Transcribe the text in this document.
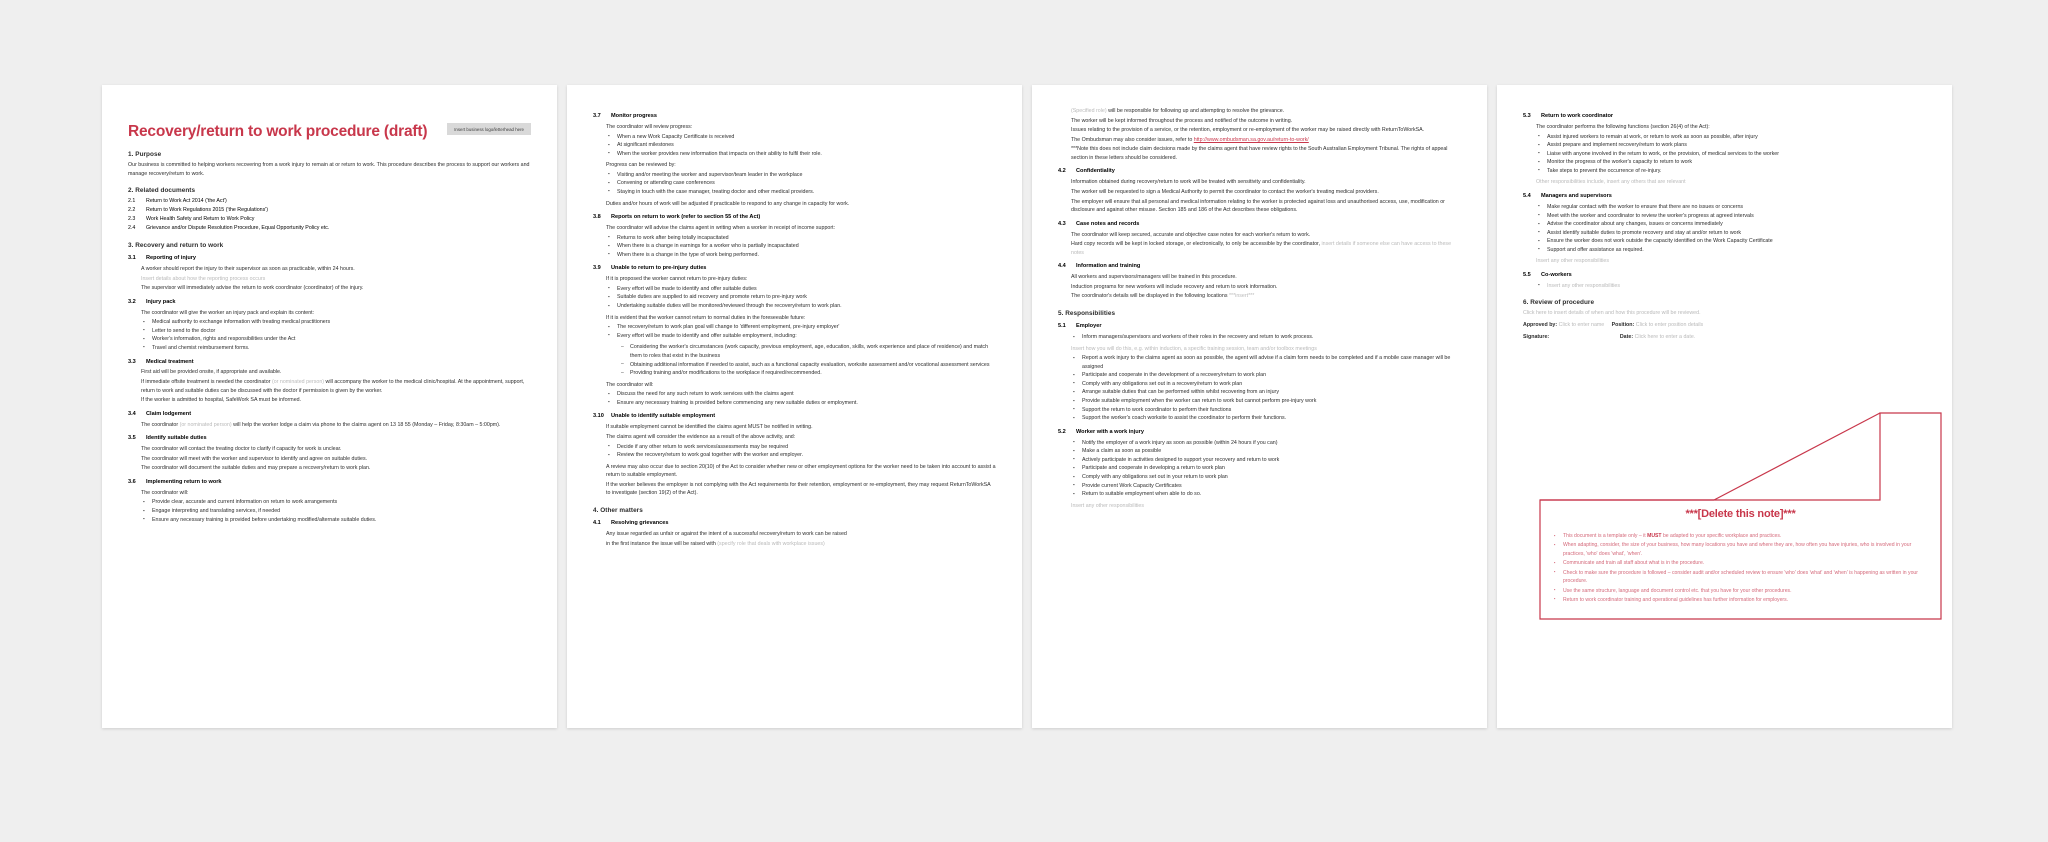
Insert business logo/letterhead here
Recovery/return to work procedure (draft)
1. Purpose

Our business is committed to helping workers recovering from a work injury to remain at or return to work. This procedure describes the process to support our workers and manage recovery/return to work.

2. Related documents
2.1	Return to Work Act 2014 ('the Act')
2.2	Return to Work Regulations 2015 ('the Regulations')
2.3	Work Health Safety and Return to Work Policy
2.4	Grievance and/or Dispute Resolution Procedure, Equal Opportunity Policy etc.
3. Recovery and return to work
3.1	Reporting of injury

A worker should report the injury to their supervisor as soon as practicable, within 24 hours.

Insert details about how the reporting process occurs

The supervisor will immediately advise the return to work coordinator (coordinator) of the injury.

3.2	Injury pack

The coordinator will give the worker an injury pack and explain its content:

▪ Medical authority to exchange information with treating medical practitioners
▪ Letter to send to the doctor
▪ Worker's information, rights and responsibilities under the Act
▪ Travel and chemist reimbursement forms.
3.3	Medical treatment

First aid will be provided onsite, if appropriate and available.

If immediate offsite treatment is needed the coordinator (or nominated person) will accompany the worker to the medical clinic/hospital. At the appointment, support, return to work and suitable duties can be discussed with the doctor if permission is given by the worker.

If the worker is admitted to hospital, SafeWork SA must be informed.

3.4	Claim lodgement

The coordinator (or nominated person) will help the worker lodge a claim via phone to the claims agent on 13 18 55 (Monday – Friday, 8:30am – 5:00pm).

3.5	Identify suitable duties

The coordinator will contact the treating doctor to clarify if capacity for work is unclear.

The coordinator will meet with the worker and supervisor to identify and agree on suitable duties.

The coordinator will document the suitable duties and may prepare a recovery/return to work plan.

3.6	Implementing return to work

The coordinator will:

▪ Provide clear, accurate and current information on return to work arrangements
▪ Engage interpreting and translating services, if needed
▪ Ensure any necessary training is provided before undertaking modified/alternate suitable duties.
3.7	Monitor progress

The coordinator will review progress:

▪ When a new Work Capacity Certificate is received
▪ At significant milestones
▪ When the worker provides new information that impacts on their ability to fulfil their role.

Progress can be reviewed by:

▪ Visiting and/or meeting the worker and supervisor/team leader in the workplace
▪ Convening or attending case conferences
▪ Staying in touch with the case manager, treating doctor and other medical providers.

Duties and/or hours of work will be adjusted if practicable to respond to any change in capacity for work.

3.8	Reports on return to work (refer to section 55 of the Act)

The coordinator will advise the claims agent in writing when a worker in receipt of income support:

▪ Returns to work after being totally incapacitated
▪ When there is a change in earnings for a worker who is partially incapacitated
▪ When there is a change in the type of work being performed.
3.9	Unable to return to pre-injury duties

If it is proposed the worker cannot return to pre-injury duties:

▪ Every effort will be made to identify and offer suitable duties
▪ Suitable duties are supplied to aid recovery and promote return to pre-injury work
▪ Undertaking suitable duties will be monitored/reviewed through the recovery/return to work plan.

If it is evident that the worker cannot return to normal duties in the foreseeable future:

▪ The recovery/return to work plan goal will change to 'different employment, pre-injury employer'
▪ Every effort will be made to identify and offer suitable employment, including:
– Considering the worker's circumstances (work capacity, previous employment, age, education, skills, work experience and place of residence) and match them to roles that exist in the business
– Obtaining additional information if needed to assist, such as a functional capacity evaluation, worksite assessment and/or vocational assessment services
– Providing training and/or modifications to the workplace if required/recommended.

The coordinator will:

▪ Discuss the need for any such return to work services with the claims agent
▪ Ensure any necessary training is provided before commencing any new suitable duties or employment.
3.10	Unable to identify suitable employment

If suitable employment cannot be identified the claims agent MUST be notified in writing.

The claims agent will consider the evidence as a result of the above activity, and:

▪ Decide if any other return to work services/assessments may be required
▪ Review the recovery/return to work goal together with the worker and employer.

A review may also occur due to section 20(10) of the Act to consider whether new or other employment options for the worker need to be taken into account to assist a return to suitable employment.

If the worker believes the employer is not complying with the Act requirements for their retention, employment or re-employment, they may request ReturnToWorkSA to investigate (section 19(2) of the Act).

4. Other matters
4.1	Resolving grievances

Any issue regarded as unfair or against the intent of a successful recovery/return to work can be raised

in the first instance the issue will be raised with (specify role that deals with workplace issues)

(Specified role) will be responsible for following up and attempting to resolve the grievance.

The worker will be kept informed throughout the process and notified of the outcome in writing.

Issues relating to the provision of a service, or the retention, employment or re-employment of the worker may be raised directly with ReturnToWorkSA.

The Ombudsman may also consider issues, refer to http://www.ombudsman.sa.gov.au/return-to-work/

***Note this does not include claim decisions made by the claims agent that have review rights to the South Australian Employment Tribunal. The rights of appeal section in these letters should be considered.

4.2	Confidentiality

Information obtained during recovery/return to work will be treated with sensitivity and confidentiality.

The worker will be requested to sign a Medical Authority to permit the coordinator to contact the worker's treating medical providers.

The employer will ensure that all personal and medical information relating to the worker is protected against loss and unauthorised access, use, modification or disclosure and against other misuse. Section 185 and 186 of the Act describes these obligations.

4.3	Case notes and records

The coordinator will keep secured, accurate and objective case notes for each worker's return to work.

Hard copy records will be kept in locked storage, or electronically, to only be accessible by the coordinator, insert details if someone else can have access to these notes

4.4	Information and training

All workers and supervisors/managers will be trained in this procedure.

Induction programs for new workers will include recovery and return to work information.

The coordinator's details will be displayed in the following locations ***insert***

5. Responsibilities
5.1	Employer
▪ Inform managers/supervisors and workers of their roles in the recovery and return to work process.

Insert how you will do this, e.g. within induction, a specific training session, team and/or toolbox meetings

▪ Report a work injury to the claims agent as soon as possible, the agent will advise if a claim form needs to be completed and if a mobile case manager will be assigned
▪ Participate and cooperate in the development of a recovery/return to work plan
▪ Comply with any obligations set out in a recovery/return to work plan
▪ Arrange suitable duties that can be performed within whilst recovering from an injury
▪ Provide suitable employment when the worker can return to work but cannot perform pre-injury work
▪ Support the return to work coordinator to perform their functions
▪ Support the worker's coach worksite to assist the coordinator to perform their functions.
5.2	Worker with a work injury
▪ Notify the employer of a work injury as soon as possible (within 24 hours if you can)
▪ Make a claim as soon as possible
▪ Actively participate in activities designed to support your recovery and return to work
▪ Participate and cooperate in developing a return to work plan
▪ Comply with any obligations set out in your return to work plan
▪ Provide current Work Capacity Certificates
▪ Return to suitable employment when able to do so.

Insert any other responsibilities

5.3	Return to work coordinator

The coordinator performs the following functions (section 26(4) of the Act):

▪ Assist injured workers to remain at work, or return to work as soon as possible, after injury
▪ Assist prepare and implement recovery/return to work plans
▪ Liaise with anyone involved in the return to work, or the provision, of medical services to the worker
▪ Monitor the progress of the worker's capacity to return to work
▪ Take steps to prevent the occurrence of re-injury.

Other responsibilities include, insert any others that are relevant

5.4	Managers and supervisors
▪ Make regular contact with the worker to ensure that there are no issues or concerns
▪ Meet with the worker and coordinator to review the worker's progress at agreed intervals
▪ Advise the coordinator about any changes, issues or concerns immediately
▪ Assist identify suitable duties to promote recovery and stay at and/or return to work
▪ Ensure the worker does not work outside the capacity identified on the Work Capacity Certificate
▪ Support and offer assistance as required.

Insert any other responsibilities

5.5	Co-workers
▪ Insert any other responsibilities
6. Review of procedure

Click here to insert details of when and how this procedure will be reviewed.

Approved by: Click to enter name Position: Click to enter position details

Signature:	Date: Click here to enter a date.

***[Delete this note]***
▪ This document is a template only – it MUST be adapted to your specific workplace and practices.
▪ When adapting, consider, the size of your business, how many locations you have and where they are, how often you have injuries, who is involved in your practices, 'who' does 'what', 'when'.
▪ Communicate and train all staff about what is in the procedure.
▪ Check to make sure the procedure is followed – consider audit and/or scheduled review to ensure 'who' does 'what' and 'when' is happening as written in your procedure.
▪ Use the same structure, language and document control etc. that you have for your other procedures.
▪ Return to work coordinator training and operational guidelines has further information for employers.
